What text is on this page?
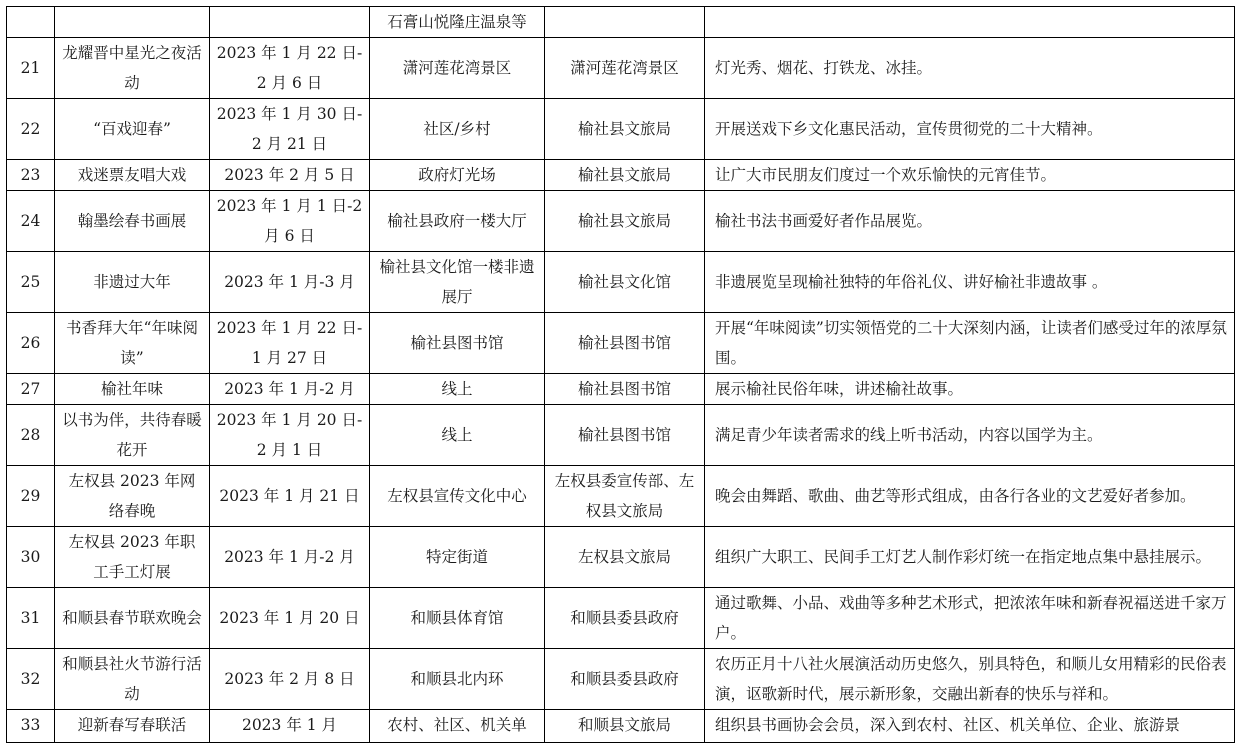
			石膏山悦隆庄温泉等		
21	龙耀晋中星光之夜活动	2023 年 1 月 22 日-2 月 6 日	潇河莲花湾景区	潇河莲花湾景区	灯光秀、烟花、打铁龙、冰挂。
22	“百戏迎春”	2023 年 1 月 30 日-2 月 21 日	社区/乡村	榆社县文旅局	开展送戏下乡文化惠民活动，宣传贯彻党的二十大精神。
23	戏迷票友唱大戏	2023 年 2 月 5 日	政府灯光场	榆社县文旅局	让广大市民朋友们度过一个欢乐愉快的元宵佳节。
24	翰墨绘春书画展	2023 年 1 月 1 日-2 月 6 日	榆社县政府一楼大厅	榆社县文旅局	榆社书法书画爱好者作品展览。
25	非遗过大年	2023 年 1 月-3 月	榆社县文化馆一楼非遗展厅	榆社县文化馆	非遗展览呈现榆社独特的年俗礼仪、讲好榆社非遗故事 。
26	书香拜大年“年味阅读”	2023 年 1 月 22 日-1 月 27 日	榆社县图书馆	榆社县图书馆	开展“年味阅读”切实领悟党的二十大深刻内涵，让读者们感受过年的浓厚氛围。
27	榆社年味	2023 年 1 月-2 月	线上	榆社县图书馆	展示榆社民俗年味，讲述榆社故事。
28	以书为伴，共待春暖花开	2023 年 1 月 20 日-2 月 1 日	线上	榆社县图书馆	满足青少年读者需求的线上听书活动，内容以国学为主。
29	左权县 2023 年网络春晚	2023 年 1 月 21 日	左权县宣传文化中心	左权县委宣传部、左权县文旅局	晚会由舞蹈、歌曲、曲艺等形式组成，由各行各业的文艺爱好者参加。
30	左权县 2023 年职工手工灯展	2023 年 1 月-2 月	特定街道	左权县文旅局	组织广大职工、民间手工灯艺人制作彩灯统一在指定地点集中悬挂展示。
31	和顺县春节联欢晚会	2023 年 1 月 20 日	和顺县体育馆	和顺县委县政府	通过歌舞、小品、戏曲等多种艺术形式，把浓浓年味和新春祝福送进千家万户。
32	和顺县社火节游行活动	2023 年 2 月 8 日	和顺县北内环	和顺县委县政府	农历正月十八社火展演活动历史悠久，别具特色，和顺儿女用精彩的民俗表演，讴歌新时代，展示新形象，交融出新春的快乐与祥和。
33	迎新春写春联活	2023 年 1 月	农村、社区、机关单	和顺县文旅局	组织县书画协会会员，深入到农村、社区、机关单位、企业、旅游景
